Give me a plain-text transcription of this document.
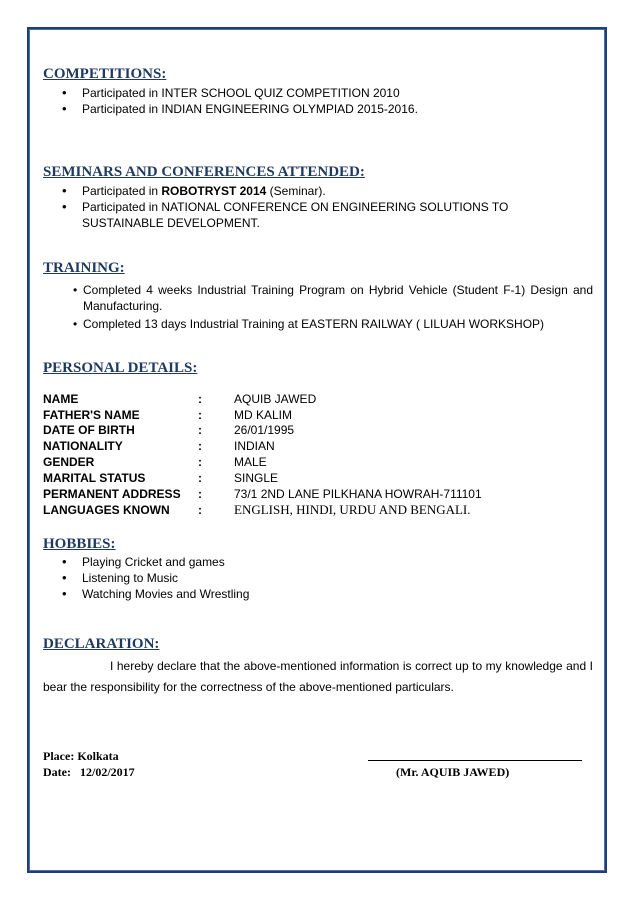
COMPETITIONS:
• Participated in INTER SCHOOL QUIZ COMPETITION 2010
• Participated in INDIAN ENGINEERING OLYMPIAD 2015-2016.
SEMINARS AND CONFERENCES ATTENDED:
• Participated in ROBOTRYST 2014 (Seminar).
• Participated in NATIONAL CONFERENCE ON ENGINEERING SOLUTIONS TO SUSTAINABLE DEVELOPMENT.
TRAINING:
• Completed 4 weeks Industrial Training Program on Hybrid Vehicle (Student F-1) Design and Manufacturing.
• Completed 13 days Industrial Training at EASTERN RAILWAY ( LILUAH WORKSHOP)
PERSONAL DETAILS:
NAME	:	AQUIB JAWED
FATHER'S NAME	:	MD KALIM
DATE OF BIRTH	:	26/01/1995
NATIONALITY	:	INDIAN
GENDER	:	MALE
MARITAL STATUS	:	SINGLE
PERMANENT ADDRESS	:	73/1 2ND LANE PILKHANA HOWRAH-711101
LANGUAGES KNOWN	:	ENGLISH, HINDI, URDU AND BENGALI.
HOBBIES:
• Playing Cricket and games
• Listening to Music
• Watching Movies and Wrestling
DECLARATION:

I hereby declare that the above-mentioned information is correct up to my knowledge and I bear the responsibility for the correctness of the above-mentioned particulars.

Place: Kolkata
Date:   12/02/2017	(Mr. AQUIB JAWED)
